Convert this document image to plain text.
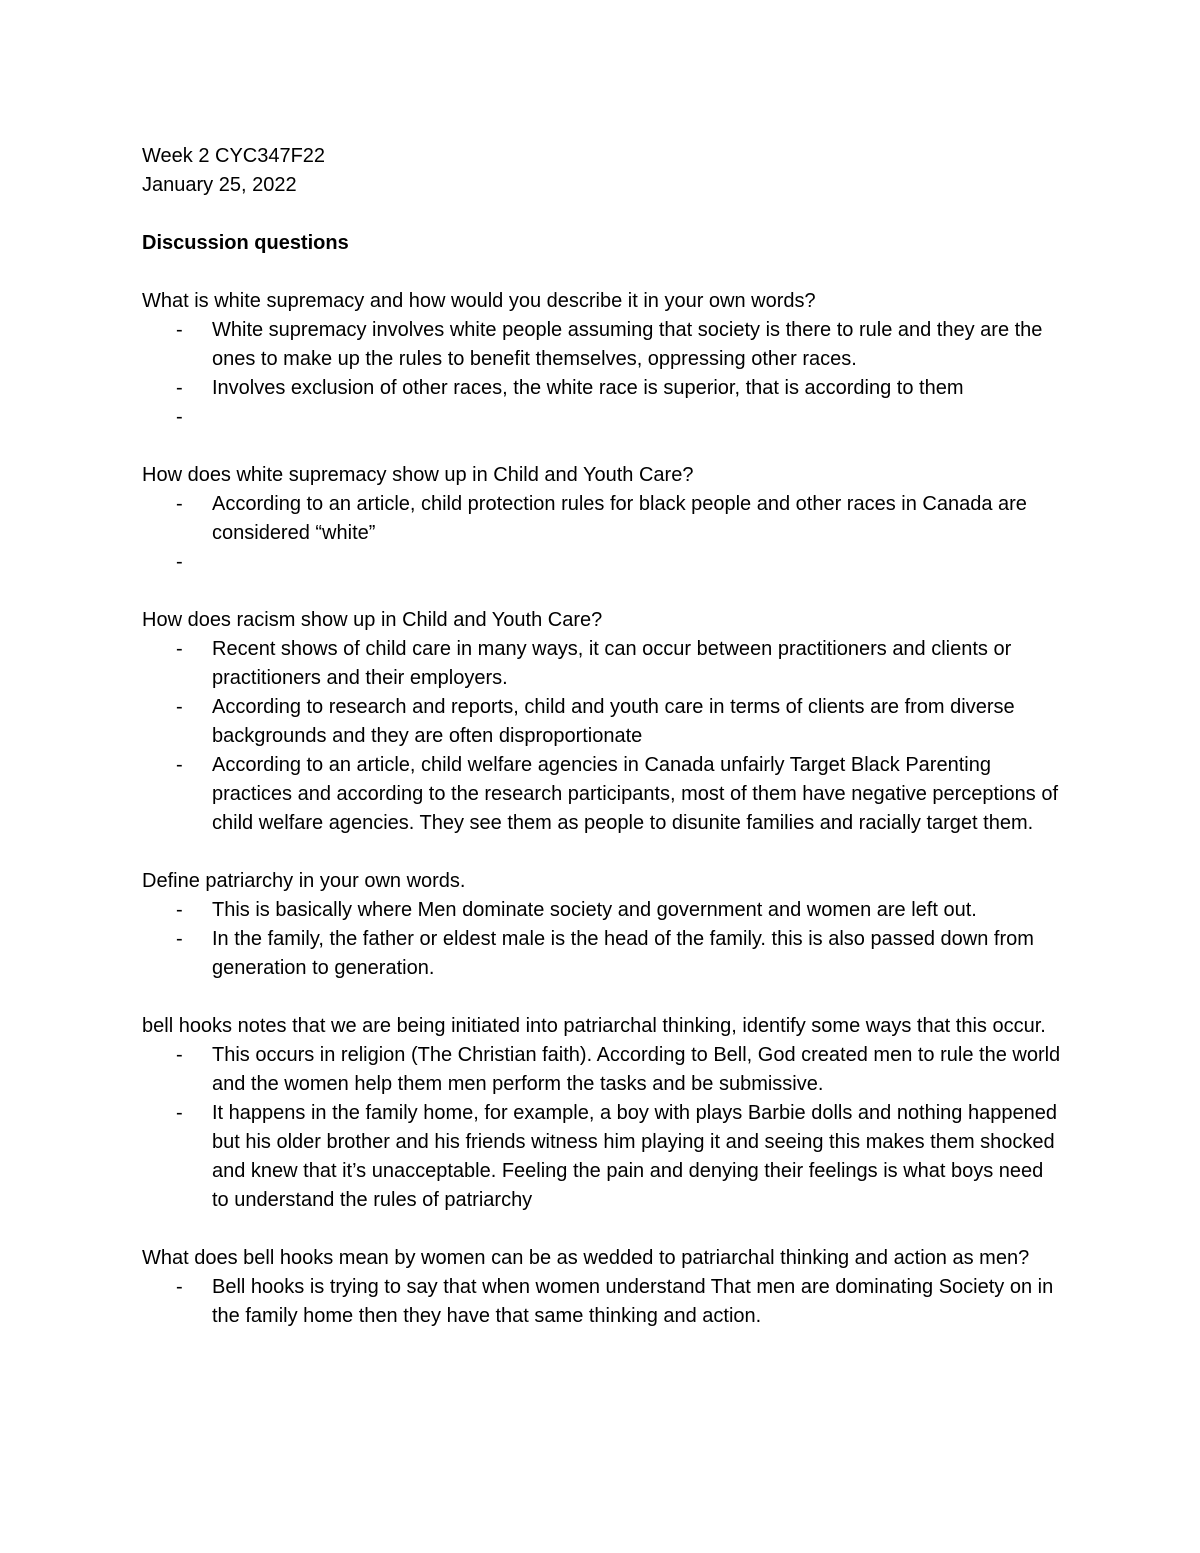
Week 2 CYC347F22

January 25, 2022

Discussion questions

What is white supremacy and how would you describe it in your own words?

- White supremacy involves white people assuming that society is there to rule and they are the ones to make up the rules to benefit themselves, oppressing other races.
- Involves exclusion of other races, the white race is superior, that is according to them
-

How does white supremacy show up in Child and Youth Care?

- According to an article, child protection rules for black people and other races in Canada are considered “white”
-

How does racism show up in Child and Youth Care?

- Recent shows of child care in many ways, it can occur between practitioners and clients or practitioners and their employers.
- According to research and reports, child and youth care in terms of clients are from diverse backgrounds and they are often disproportionate
- According to an article, child welfare agencies in Canada unfairly Target Black Parenting practices and according to the research participants, most of them have negative perceptions of child welfare agencies. They see them as people to disunite families and racially target them.

Define patriarchy in your own words.

- This is basically where Men dominate society and government and women are left out.
- In the family, the father or eldest male is the head of the family. this is also passed down from generation to generation.

bell hooks notes that we are being initiated into patriarchal thinking, identify some ways that this occur.

- This occurs in religion (The Christian faith). According to Bell, God created men to rule the world and the women help them men perform the tasks and be submissive.
- It happens in the family home, for example, a boy with plays Barbie dolls and nothing happened but his older brother and his friends witness him playing it and seeing this makes them shocked and knew that it’s unacceptable. Feeling the pain and denying their feelings is what boys need to understand the rules of patriarchy

What does bell hooks mean by women can be as wedded to patriarchal thinking and action as men?

- Bell hooks is trying to say that when women understand That men are dominating Society on in the family home then they have that same thinking and action.
